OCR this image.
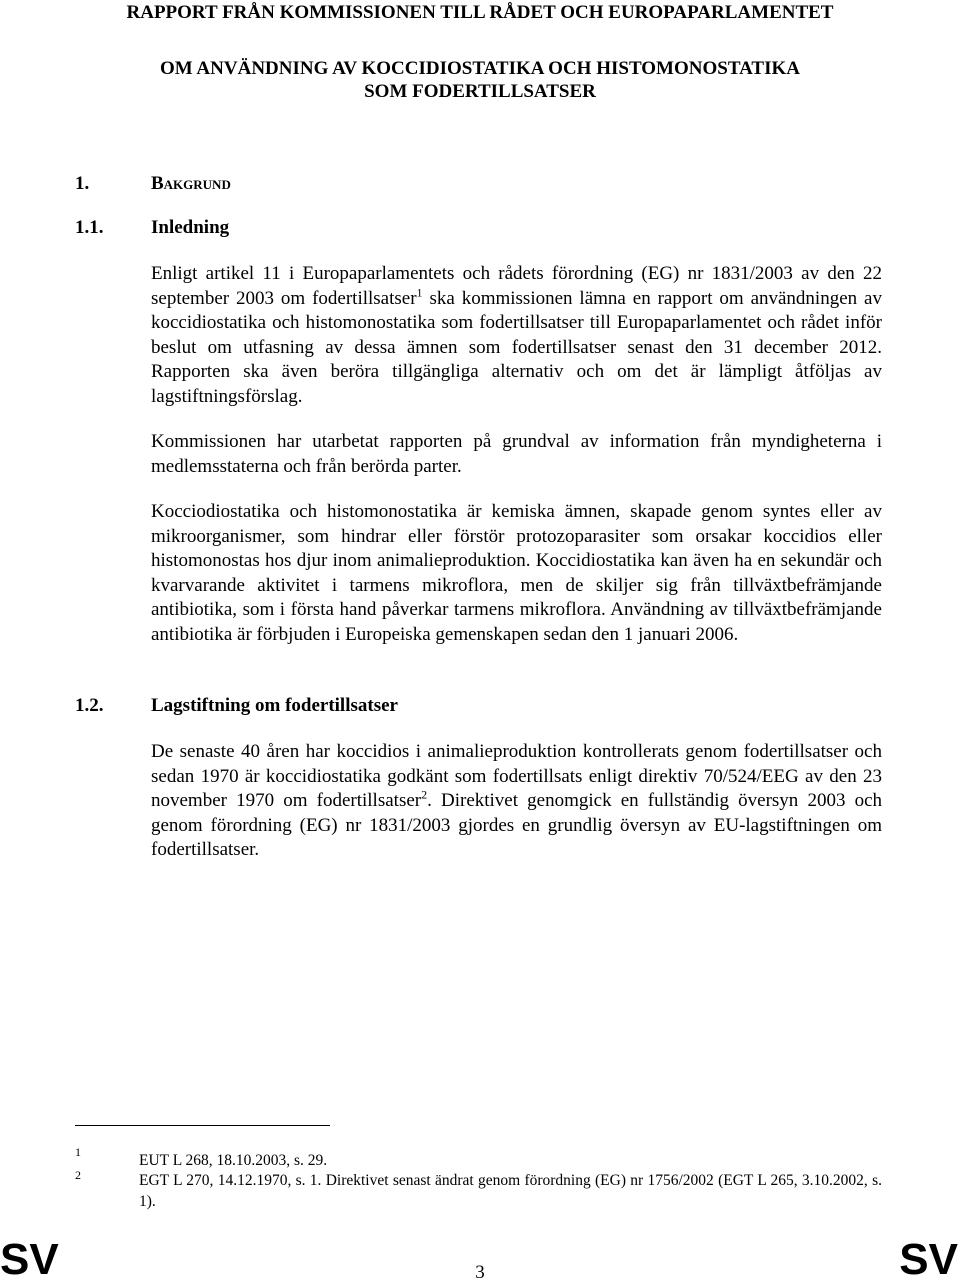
RAPPORT FRÅN KOMMISSIONEN TILL RÅDET OCH EUROPAPARLAMENTET
OM ANVÄNDNING AV KOCCIDIOSTATIKA OCH HISTOMONOSTATIKA
SOM FODERTILLSATSER
1.	Bakgrund
1.1.	Inledning
Enligt artikel 11 i Europaparlamentets och rådets förordning (EG) nr 1831/2003 av den 22 september 2003 om fodertillsatser$^1$ ska kommissionen lämna en rapport om användningen av koccidiostatika och histomonostatika som fodertillsatser till Europaparlamentet och rådet inför beslut om utfasning av dessa ämnen som fodertillsatser senast den 31 december 2012. Rapporten ska även beröra tillgängliga alternativ och om det är lämpligt åtföljas av lagstiftningsförslag.
Kommissionen har utarbetat rapporten på grundval av information från myndigheterna i medlemsstaterna och från berörda parter.
Kocciodiostatika och histomonostatika är kemiska ämnen, skapade genom syntes eller av mikroorganismer, som hindrar eller förstör protozoparasiter som orsakar koccidios eller histomonostas hos djur inom animalieproduktion. Koccidiostatika kan även ha en sekundär och kvarvarande aktivitet i tarmens mikroflora, men de skiljer sig från tillväxtbefrämjande antibiotika, som i första hand påverkar tarmens mikroflora. Användning av tillväxtbefrämjande antibiotika är förbjuden i Europeiska gemenskapen sedan den 1 januari 2006.
1.2.	Lagstiftning om fodertillsatser
De senaste 40 åren har koccidios i animalieproduktion kontrollerats genom fodertillsatser och sedan 1970 är koccidiostatika godkänt som fodertillsats enligt direktiv 70/524/EEG av den 23 november 1970 om fodertillsatser$^2$. Direktivet genomgick en fullständig översyn 2003 och genom förordning (EG) nr 1831/2003 gjordes en grundlig översyn av EU-lagstiftningen om fodertillsatser.
1	EUT L 268, 18.10.2003, s. 29.
2	EGT L 270, 14.12.1970, s. 1. Direktivet senast ändrat genom förordning (EG) nr 1756/2002 (EGT L 265, 3.10.2002, s. 1).
SV	3	SV
